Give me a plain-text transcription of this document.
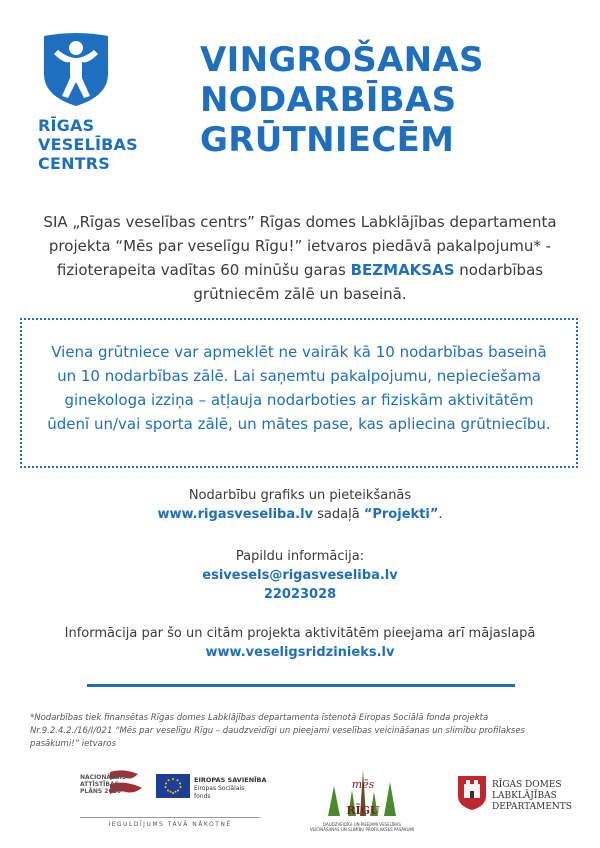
RĪGAS
VESELĪBAS
CENTRS
VINGROŠANAS
NODARBĪBAS
GRŪTNIECĒM

SIA „Rīgas veselības centrs” Rīgas domes Labklājības departamenta projekta “Mēs par veselīgu Rīgu!” ietvaros piedāvā pakalpojumu* - fizioterapeita vadītas 60 minūšu garas BEZMAKSAS nodarbības grūtniecēm zālē un baseinā.

Viena grūtniece var apmeklēt ne vairāk kā 10 nodarbības baseinā un 10 nodarbības zālē. Lai saņemtu pakalpojumu, nepieciešama ginekologa izziņa – atļauja nodarboties ar fiziskām aktivitātēm ūdenī un/vai sporta zālē, un mātes pase, kas apliecina grūtniecību.

Nodarbību grafiks un pieteikšanās
www.rigasveseliba.lv sadaļā “Projekti”.
Papildu informācija:
esivesels@rigasveseliba.lv
22023028
Informācija par šo un citām projekta aktivitātēm pieejama arī mājaslapā
www.veseligsridzinieks.lv

*Nodarbības tiek finansētas Rīgas domes Labklājības departamenta īstenotā Eiropas Sociālā fonda projekta Nr.9.2.4.2./16/I/021 “Mēs par veselīgu Rīgu – daudzveidīgi un pieejami veselības veicināšanas un slimību profilakses pasākumi!” ietvaros

NACIONĀLAIS
ATTĪSTĪBAS
PLĀNS 2020
EIROPAS SAVIENĪBA
Eiropas Sociālais
fonds
IEGULDĪJUMS TAVĀ NĀKOTNĒ
mēs
RĪGU
DAUDZVEIDĪGI UN PIEEJAMI VESELĪBAS
VEICINĀŠANAS UN SLIMĪBU PROFILAKSES PASĀKUMI
RĪGAS DOMES
LABKLĀJĪBAS
DEPARTAMENTS
